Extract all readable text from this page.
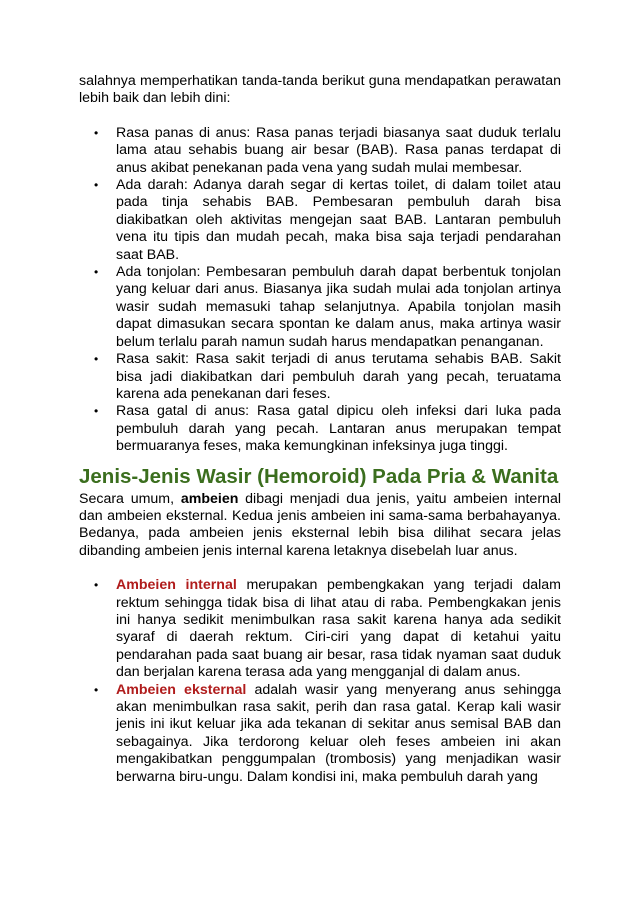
salahnya memperhatikan tanda-tanda berikut guna mendapatkan perawatan lebih baik dan lebih dini:

• Rasa panas di anus: Rasa panas terjadi biasanya saat duduk terlalu lama atau sehabis buang air besar (BAB). Rasa panas terdapat di anus akibat penekanan pada vena yang sudah mulai membesar.
• Ada darah: Adanya darah segar di kertas toilet, di dalam toilet atau pada tinja sehabis BAB. Pembesaran pembuluh darah bisa diakibatkan oleh aktivitas mengejan saat BAB. Lantaran pembuluh vena itu tipis dan mudah pecah, maka bisa saja terjadi pendarahan saat BAB.
• Ada tonjolan: Pembesaran pembuluh darah dapat berbentuk tonjolan yang keluar dari anus. Biasanya jika sudah mulai ada tonjolan artinya wasir sudah memasuki tahap selanjutnya. Apabila tonjolan masih dapat dimasukan secara spontan ke dalam anus, maka artinya wasir belum terlalu parah namun sudah harus mendapatkan penanganan.
• Rasa sakit: Rasa sakit terjadi di anus terutama sehabis BAB. Sakit bisa jadi diakibatkan dari pembuluh darah yang pecah, teruatama karena ada penekanan dari feses.
• Rasa gatal di anus: Rasa gatal dipicu oleh infeksi dari luka pada pembuluh darah yang pecah. Lantaran anus merupakan tempat bermuaranya feses, maka kemungkinan infeksinya juga tinggi.
Jenis-Jenis Wasir (Hemoroid) Pada Pria & Wanita

Secara umum, ambeien dibagi menjadi dua jenis, yaitu ambeien internal dan ambeien eksternal. Kedua jenis ambeien ini sama-sama berbahayanya. Bedanya, pada ambeien jenis eksternal lebih bisa dilihat secara jelas dibanding ambeien jenis internal karena letaknya disebelah luar anus.

• Ambeien internal merupakan pembengkakan yang terjadi dalam rektum sehingga tidak bisa di lihat atau di raba. Pembengkakan jenis ini hanya sedikit menimbulkan rasa sakit karena hanya ada sedikit syaraf di daerah rektum. Ciri-ciri yang dapat di ketahui yaitu pendarahan pada saat buang air besar, rasa tidak nyaman saat duduk dan berjalan karena terasa ada yang mengganjal di dalam anus.
• Ambeien eksternal adalah wasir yang menyerang anus sehingga akan menimbulkan rasa sakit, perih dan rasa gatal. Kerap kali wasir jenis ini ikut keluar jika ada tekanan di sekitar anus semisal BAB dan sebagainya. Jika terdorong keluar oleh feses ambeien ini akan mengakibatkan penggumpalan (trombosis) yang menjadikan wasir berwarna biru-ungu. Dalam kondisi ini, maka pembuluh darah yang
